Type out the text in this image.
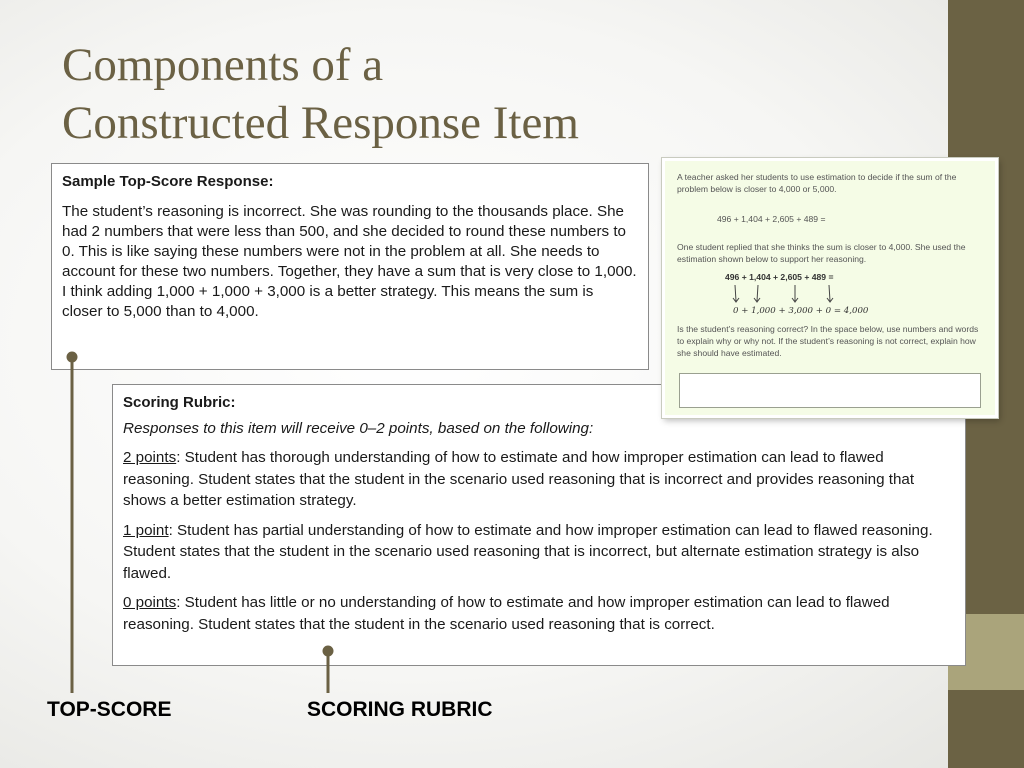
Components of a
Constructed Response Item
Sample Top-Score Response:
The student’s reasoning is incorrect. She was rounding to the thousands place. She had 2 numbers that were less than 500, and she decided to round these numbers to 0. This is like saying these numbers were not in the problem at all. She needs to account for these two numbers. Together, they have a sum that is very close to 1,000. I think adding 1,000 + 1,000 + 3,000 is a better strategy. This means the sum is closer to 5,000 than to 4,000.
Scoring Rubric:
Responses to this item will receive 0–2 points, based on the following:

2 points: Student has thorough understanding of how to estimate and how improper estimation can lead to flawed reasoning. Student states that the student in the scenario used reasoning that is incorrect and provides reasoning that shows a better estimation strategy.

1 point: Student has partial understanding of how to estimate and how improper estimation can lead to flawed reasoning. Student states that the student in the scenario used reasoning that is incorrect, but alternate estimation strategy is also flawed.

0 points: Student has little or no understanding of how to estimate and how improper estimation can lead to flawed reasoning. Student states that the student in the scenario used reasoning that is correct.

A teacher asked her students to use estimation to decide if the sum of the problem below is closer to 4,000 or 5,000.

496 + 1,404 + 2,605 + 489 =

One student replied that she thinks the sum is closer to 4,000. She used the estimation shown below to support her reasoning.

496 + 1,404 + 2,605 + 489 =

0 + 1,000 + 3,000 + 0 = 4,000

Is the student’s reasoning correct? In the space below, use numbers and words to explain why or why not. If the student’s reasoning is not correct, explain how she should have estimated.

TOP-SCORE	SCORING RUBRIC
